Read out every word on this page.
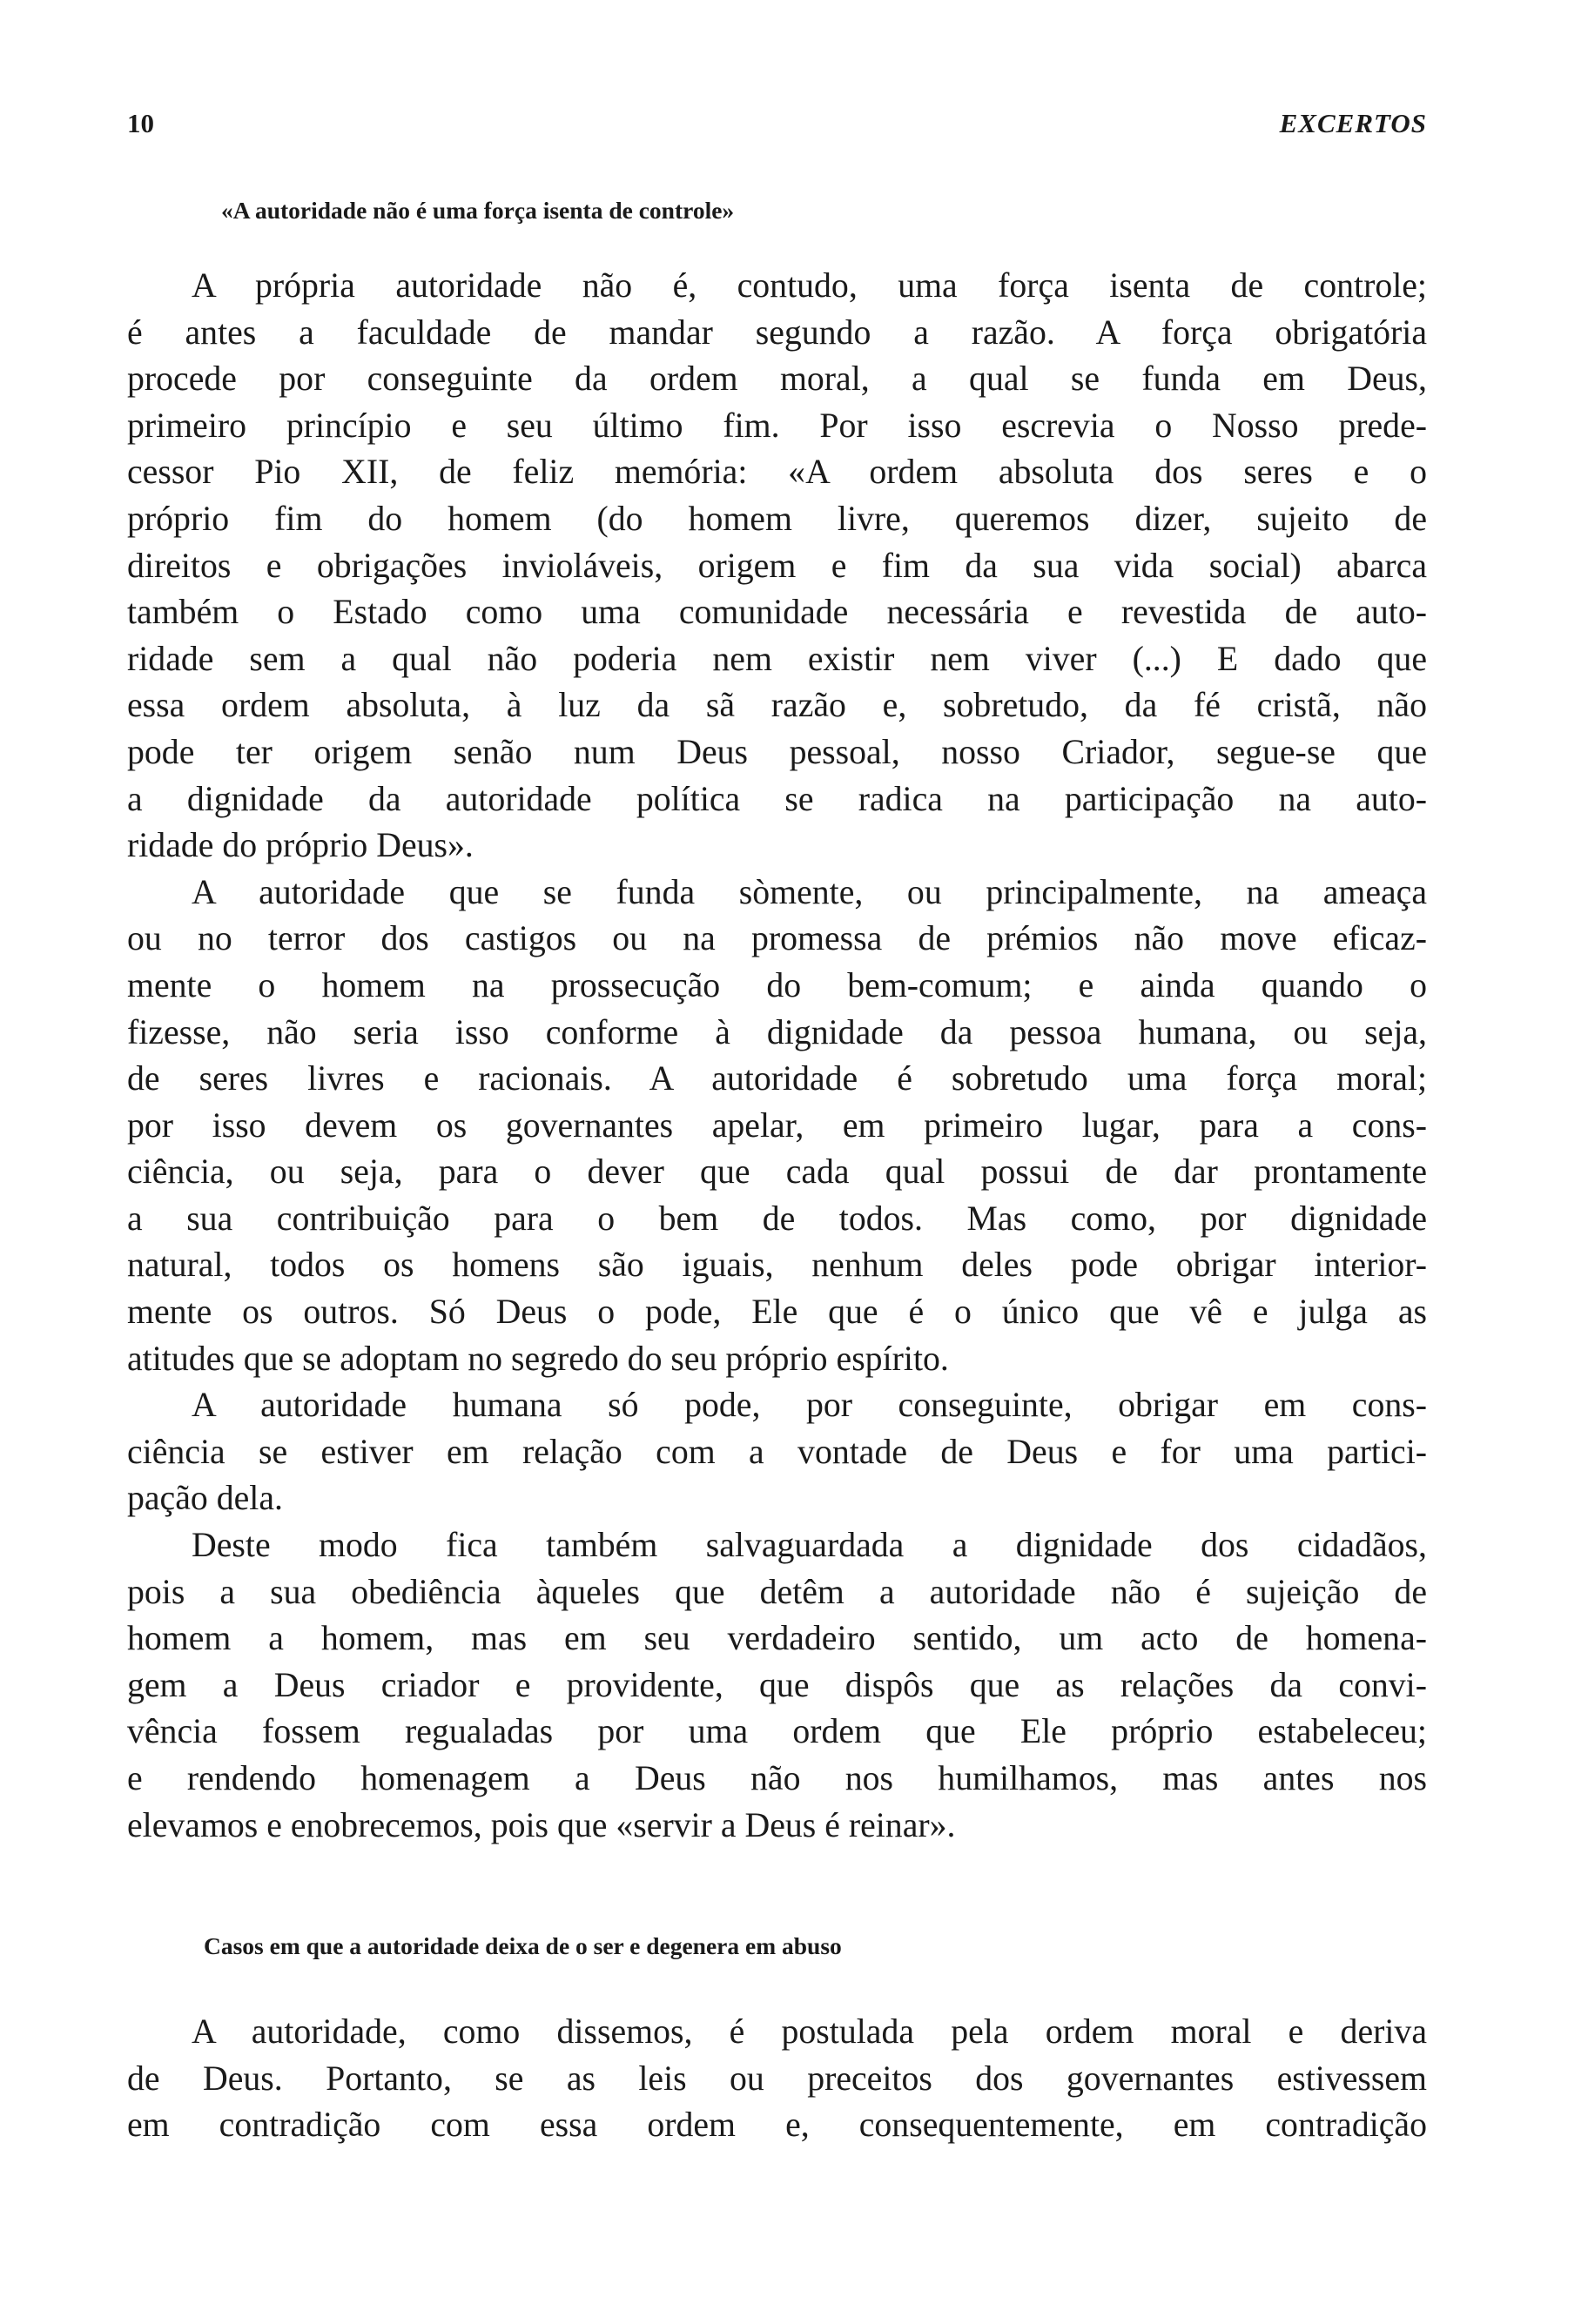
10	EXCERTOS
«A autoridade não é uma força isenta de controle»

A própria autoridade não é, contudo, uma força isenta de controle;
é antes a faculdade de mandar segundo a razão. A força obrigatória
procede por conseguinte da ordem moral, a qual se funda em Deus,
primeiro princípio e seu último fim. Por isso escrevia o Nosso prede-
cessor Pio XII, de feliz memória: «A ordem absoluta dos seres e o
próprio fim do homem (do homem livre, queremos dizer, sujeito de
direitos e obrigações invioláveis, origem e fim da sua vida social) abarca
também o Estado como uma comunidade necessária e revestida de auto-
ridade sem a qual não poderia nem existir nem viver (...) E dado que
essa ordem absoluta, à luz da sã razão e, sobretudo, da fé cristã, não
pode ter origem senão num Deus pessoal, nosso Criador, segue-se que
a dignidade da autoridade política se radica na participação na auto-
ridade do próprio Deus».

A autoridade que se funda sòmente, ou principalmente, na ameaça
ou no terror dos castigos ou na promessa de prémios não move eficaz-
mente o homem na prossecução do bem-comum; e ainda quando o
fizesse, não seria isso conforme à dignidade da pessoa humana, ou seja,
de seres livres e racionais. A autoridade é sobretudo uma força moral;
por isso devem os governantes apelar, em primeiro lugar, para a cons-
ciência, ou seja, para o dever que cada qual possui de dar prontamente
a sua contribuição para o bem de todos. Mas como, por dignidade
natural, todos os homens são iguais, nenhum deles pode obrigar interior-
mente os outros. Só Deus o pode, Ele que é o único que vê e julga as
atitudes que se adoptam no segredo do seu próprio espírito.

A autoridade humana só pode, por conseguinte, obrigar em cons-
ciência se estiver em relação com a vontade de Deus e for uma partici-
pação dela.

Deste modo fica também salvaguardada a dignidade dos cidadãos,
pois a sua obediência àqueles que detêm a autoridade não é sujeição de
homem a homem, mas em seu verdadeiro sentido, um acto de homena-
gem a Deus criador e providente, que dispôs que as relações da convi-
vência fossem regualadas por uma ordem que Ele próprio estabeleceu;
e rendendo homenagem a Deus não nos humilhamos, mas antes nos
elevamos e enobrecemos, pois que «servir a Deus é reinar».

Casos em que a autoridade deixa de o ser e degenera em abuso

A autoridade, como dissemos, é postulada pela ordem moral e deriva
de Deus. Portanto, se as leis ou preceitos dos governantes estivessem
em contradição com essa ordem e, consequentemente, em contradição
